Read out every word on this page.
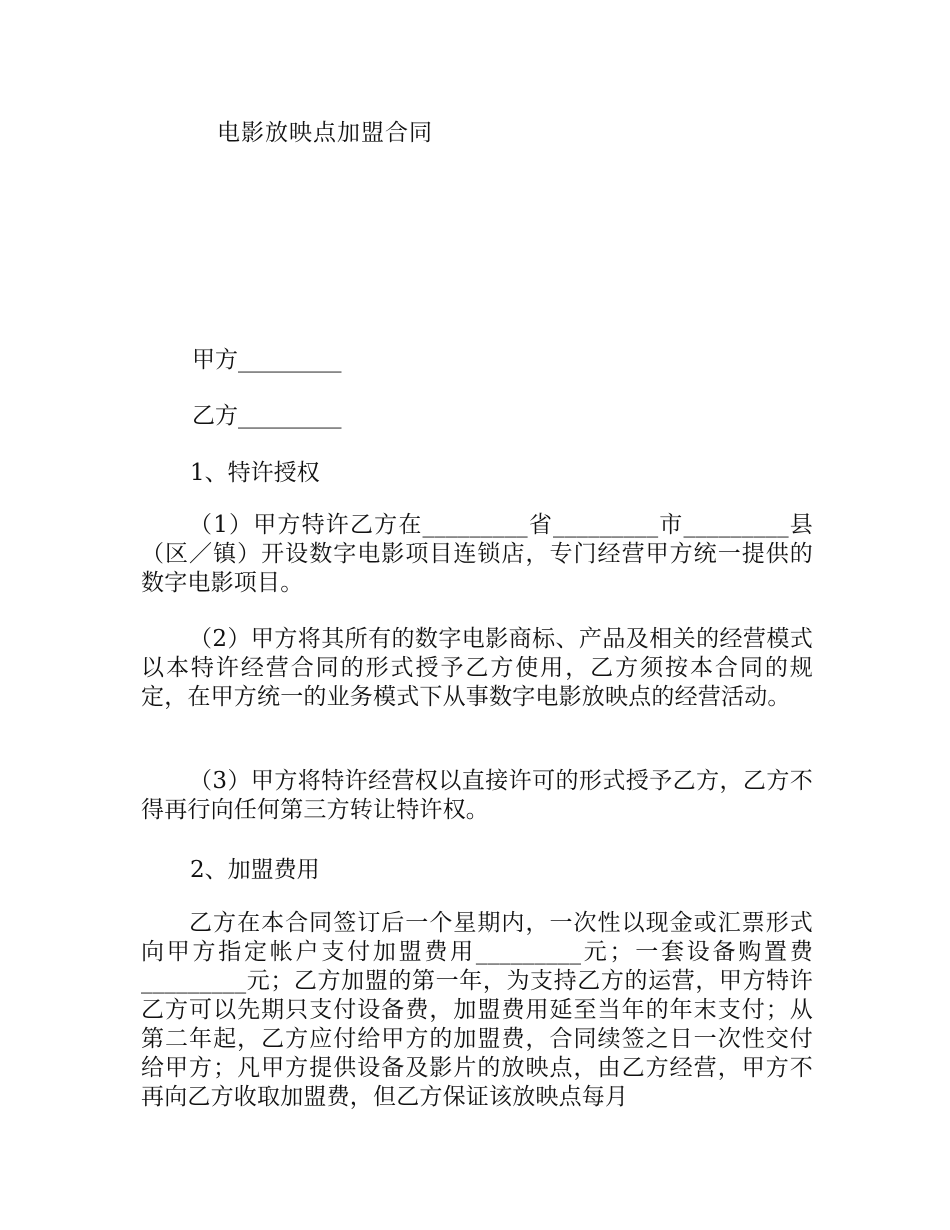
电影放映点加盟合同
甲方_________
乙方_________
1、特许授权
（1）甲方特许乙方在_________省_________市_________县（区／镇）开设数字电影项目连锁店，专门经营甲方统一提供的数字电影项目。
（2）甲方将其所有的数字电影商标、产品及相关的经营模式以本特许经营合同的形式授予乙方使用，乙方须按本合同的规定，在甲方统一的业务模式下从事数字电影放映点的经营活动。
（3）甲方将特许经营权以直接许可的形式授予乙方，乙方不得再行向任何第三方转让特许权。
2、加盟费用
乙方在本合同签订后一个星期内，一次性以现金或汇票形式向甲方指定帐户支付加盟费用_________元；一套设备购置费_________元；乙方加盟的第一年，为支持乙方的运营，甲方特许乙方可以先期只支付设备费，加盟费用延至当年的年末支付；从第二年起，乙方应付给甲方的加盟费，合同续签之日一次性交付给甲方；凡甲方提供设备及影片的放映点，由乙方经营，甲方不再向乙方收取加盟费，但乙方保证该放映点每月
